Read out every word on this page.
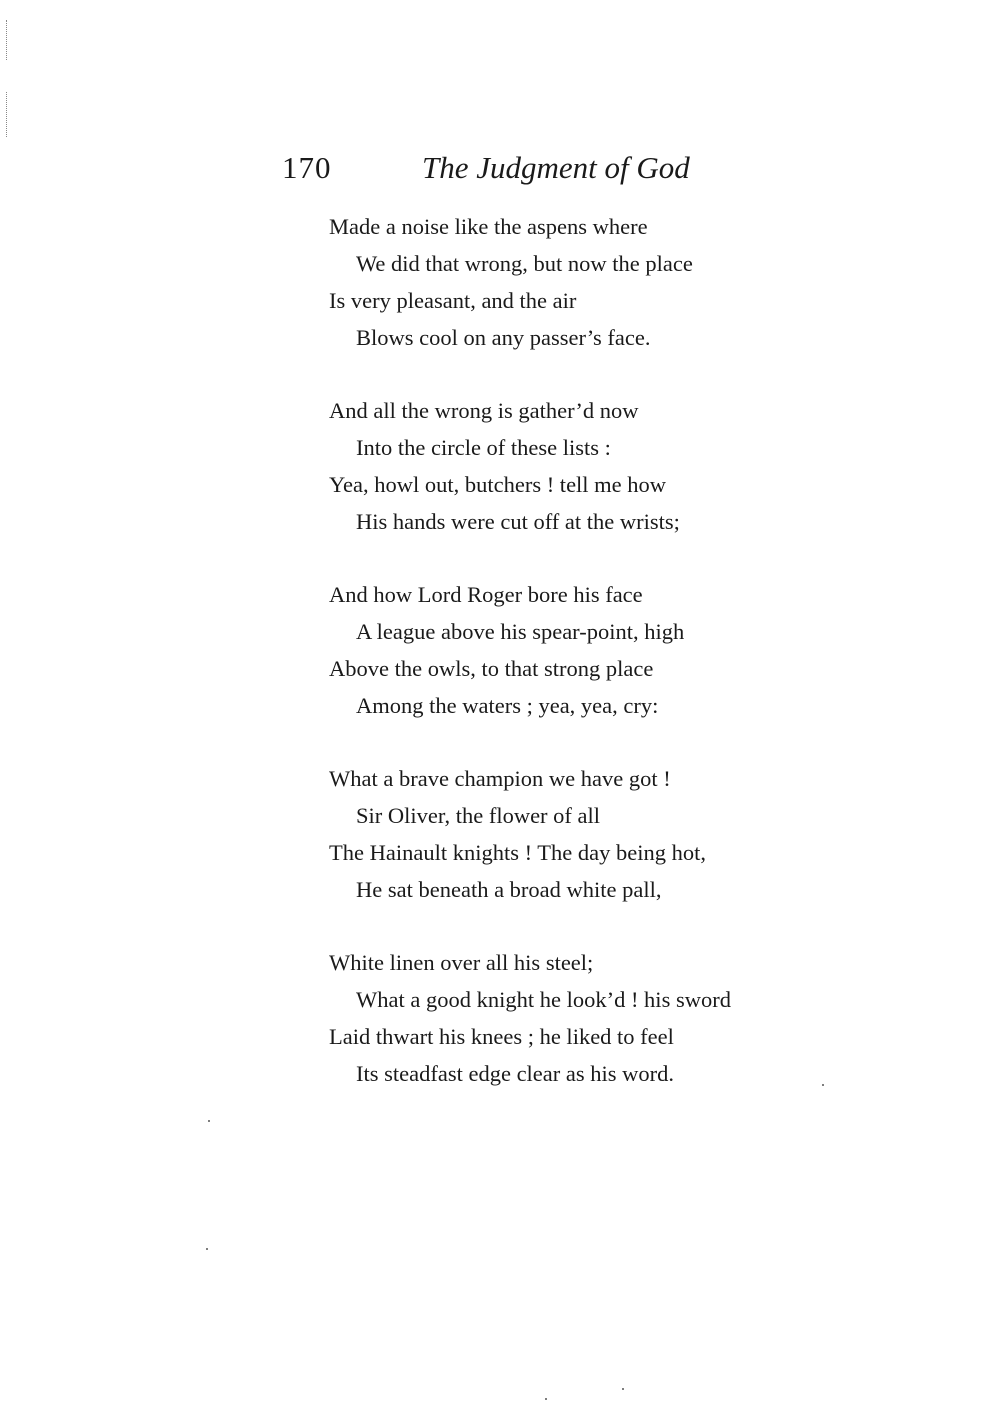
170	The Judgment of God
Made a noise like the aspens where
We did that wrong, but now the place
Is very pleasant, and the air
Blows cool on any passer’s face.
And all the wrong is gather’d now
Into the circle of these lists :
Yea, howl out, butchers ! tell me how
His hands were cut off at the wrists;
And how Lord Roger bore his face
A league above his spear-point, high
Above the owls, to that strong place
Among the waters ; yea, yea, cry:
What a brave champion we have got !
Sir Oliver, the flower of all
The Hainault knights ! The day being hot,
He sat beneath a broad white pall,
White linen over all his steel;
What a good knight he look’d ! his sword
Laid thwart his knees ; he liked to feel
Its steadfast edge clear as his word.
